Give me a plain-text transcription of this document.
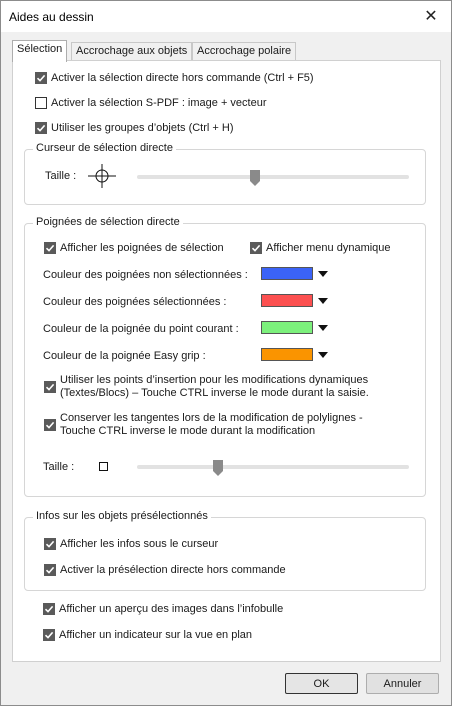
Aides au dessin	✕
Sélection	Accrochage aux objets Accrochage polaire
Activer la sélection directe hors commande (Ctrl + F5)
Activer la sélection S-PDF : image + vecteur
Utiliser les groupes d’objets (Ctrl + H)
Curseur de sélection directe
Taille :
Poignées de sélection directe
Afficher les poignées de sélection	Afficher menu dynamique
Couleur des poignées non sélectionnées :
Couleur des poignées sélectionnées :
Couleur de la poignée du point courant :
Couleur de la poignée Easy grip :
Utiliser les points d’insertion pour les modifications dynamiques
(Textes/Blocs) – Touche CTRL inverse le mode durant la saisie.
Conserver les tangentes lors de la modification de polylignes -
Touche CTRL inverse le mode durant la modification
Taille :
Infos sur les objets présélectionnés
Afficher les infos sous le curseur
Activer la présélection directe hors commande
Afficher un aperçu des images dans l’infobulle
Afficher un indicateur sur la vue en plan
OK	Annuler
